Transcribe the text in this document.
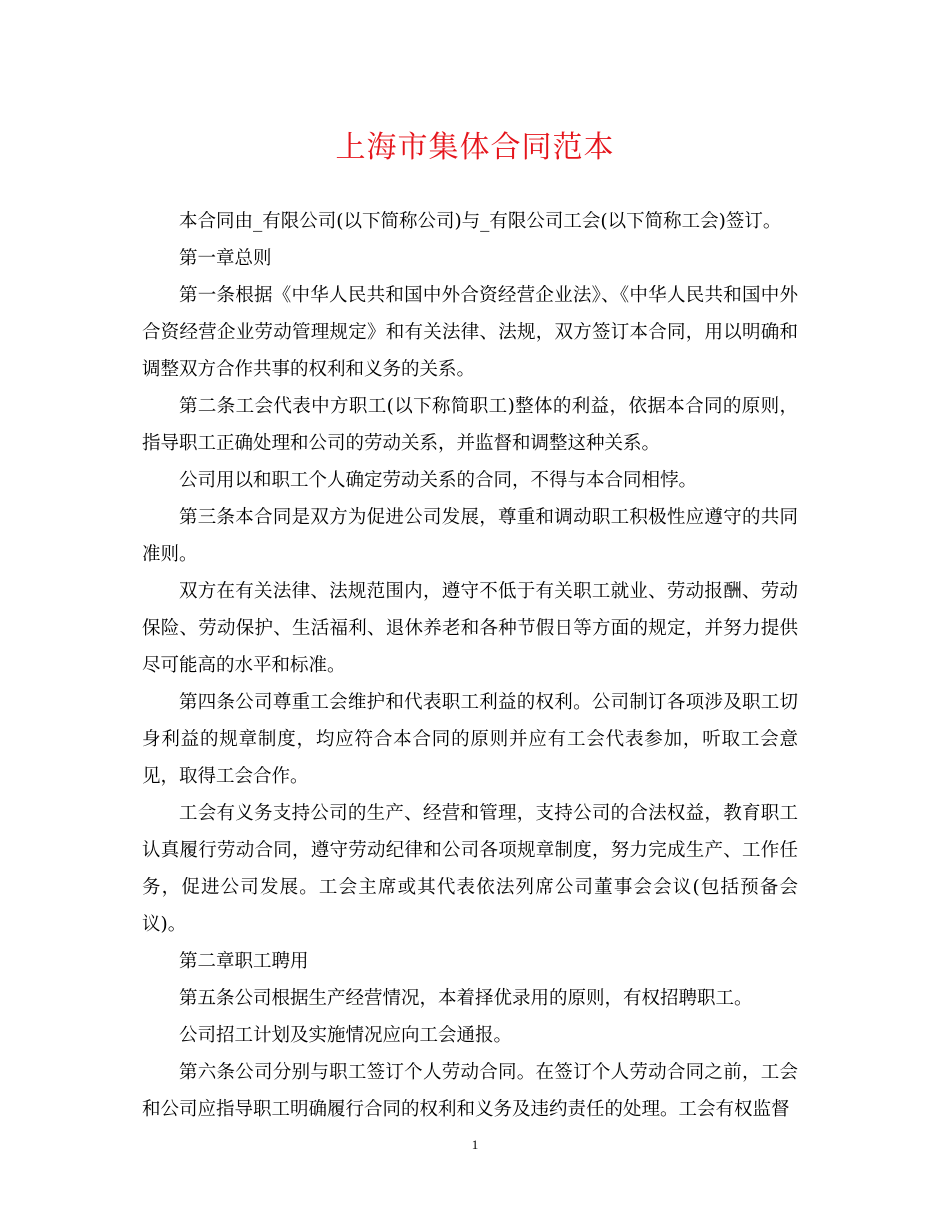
上海市集体合同范本

本合同由_有限公司(以下简称公司)与_有限公司工会(以下简称工会)签订。

第一章总则

第一条根据《中华人民共和国中外合资经营企业法》、《中华人民共和国中外合资经营企业劳动管理规定》和有关法律、法规，双方签订本合同，用以明确和调整双方合作共事的权利和义务的关系。

第二条工会代表中方职工(以下称简职工)整体的利益，依据本合同的原则，指导职工正确处理和公司的劳动关系，并监督和调整这种关系。

公司用以和职工个人确定劳动关系的合同，不得与本合同相悖。

第三条本合同是双方为促进公司发展，尊重和调动职工积极性应遵守的共同准则。

双方在有关法律、法规范围内，遵守不低于有关职工就业、劳动报酬、劳动保险、劳动保护、生活福利、退休养老和各种节假日等方面的规定，并努力提供尽可能高的水平和标准。

第四条公司尊重工会维护和代表职工利益的权利。公司制订各项涉及职工切身利益的规章制度，均应符合本合同的原则并应有工会代表参加，听取工会意见，取得工会合作。

工会有义务支持公司的生产、经营和管理，支持公司的合法权益，教育职工认真履行劳动合同，遵守劳动纪律和公司各项规章制度，努力完成生产、工作任务，促进公司发展。工会主席或其代表依法列席公司董事会会议(包括预备会议)。

第二章职工聘用

第五条公司根据生产经营情况，本着择优录用的原则，有权招聘职工。

公司招工计划及实施情况应向工会通报。

第六条公司分别与职工签订个人劳动合同。在签订个人劳动合同之前，工会和公司应指导职工明确履行合同的权利和义务及违约责任的处理。工会有权监督

1
